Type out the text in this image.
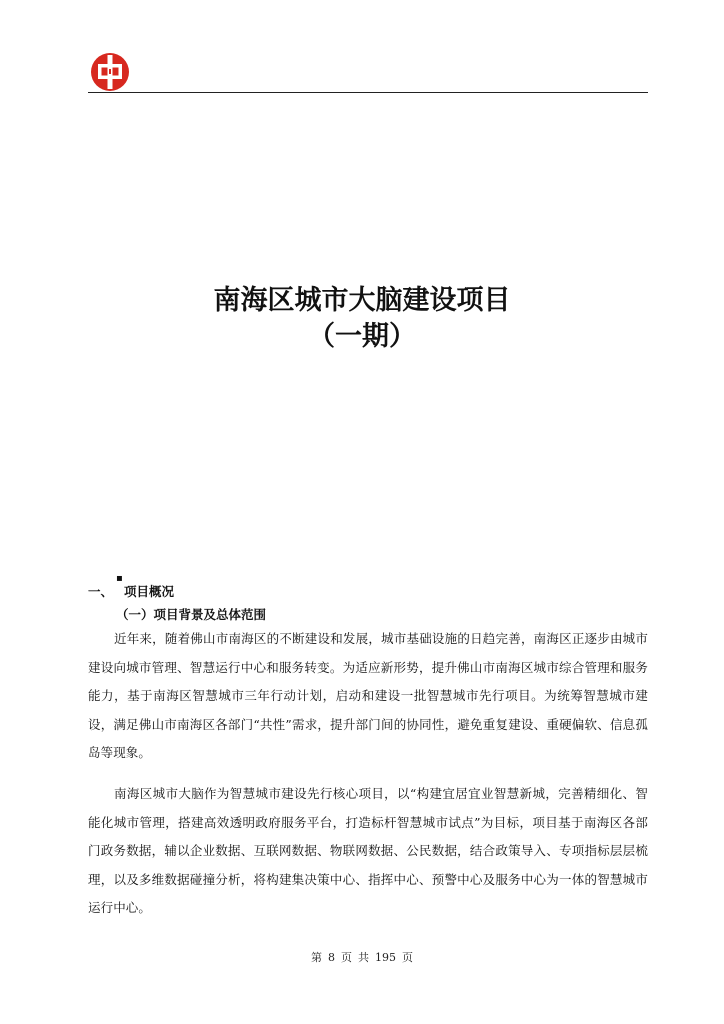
南海区城市大脑建设项目
（一期）
▪
一、 项目概况
（一）项目背景及总体范围

近年来，随着佛山市南海区的不断建设和发展，城市基础设施的日趋完善，南海区正逐步由城市建设向城市管理、智慧运行中心和服务转变。为适应新形势，提升佛山市南海区城市综合管理和服务能力，基于南海区智慧城市三年行动计划，启动和建设一批智慧城市先行项目。为统筹智慧城市建设，满足佛山市南海区各部门“共性”需求，提升部门间的协同性，避免重复建设、重硬偏软、信息孤岛等现象。

南海区城市大脑作为智慧城市建设先行核心项目，以“构建宜居宜业智慧新城，完善精细化、智能化城市管理，搭建高效透明政府服务平台，打造标杆智慧城市试点”为目标，项目基于南海区各部门政务数据，辅以企业数据、互联网数据、物联网数据、公民数据，结合政策导入、专项指标层层梳理，以及多维数据碰撞分析，将构建集决策中心、指挥中心、预警中心及服务中心为一体的智慧城市运行中心。

第 8 页 共 195 页
